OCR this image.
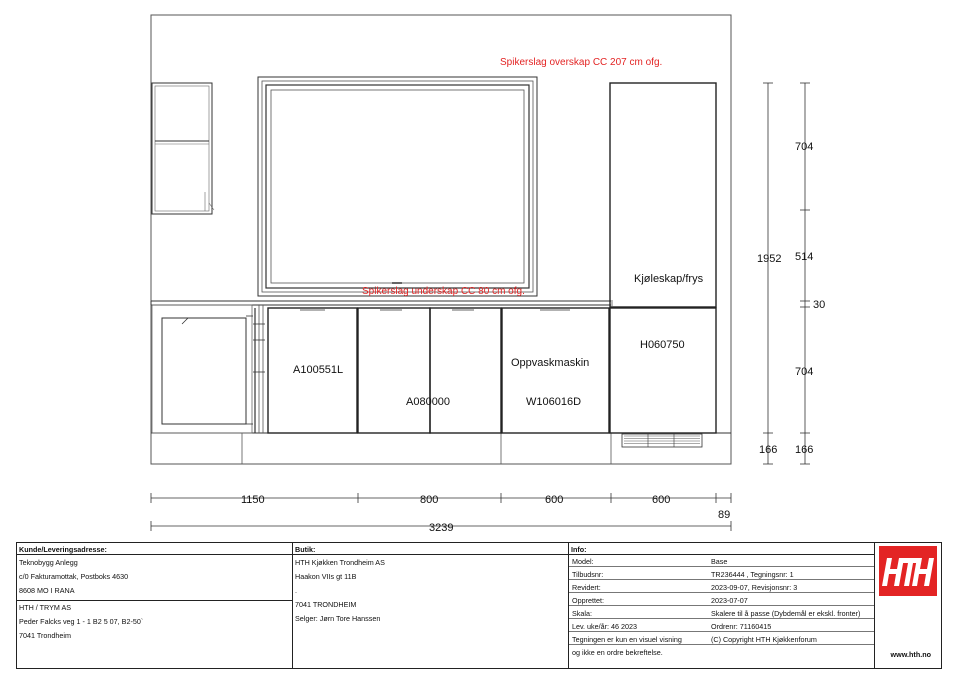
Spikerslag overskap CC 207 cm ofg.
Spikerslag underskap CC 80 cm ofg.
A100551L
A080000
Oppvaskmaskin
W106016D
Kjøleskap/frys
H060750
1952
166
704
514
30
704
166
1150	800	600	600
89
3239
Kunde/Leveringsadresse:
Teknobygg Anlegg
c/0 Fakturamottak, Postboks 4630
8608 MO I RANA
HTH / TRYM AS
Peder Falcks veg 1 - 1 B2 5 07, B2-50`
7041 Trondheim
Butik:
HTH Kjøkken Trondheim AS
Haakon VIIs gt 11B
.
7041 TRONDHEIM
Selger: Jørn Tore Hanssen
Info:
Model:	Base
Tilbudsnr:	TR236444 , Tegningsnr: 1
Revidert:	2023-09-07, Revisjonsnr: 3
Opprettet:	2023-07-07
Skala:	Skalere til å passe (Dybdemål er ekskl. fronter)
Lev. uke/år: 46 2023	Ordrenr: 71160415
Tegningen er kun en visuel visning	(C) Copyright HTH Kjøkkenforum
og ikke en ordre bekreftelse.	www.hth.no
